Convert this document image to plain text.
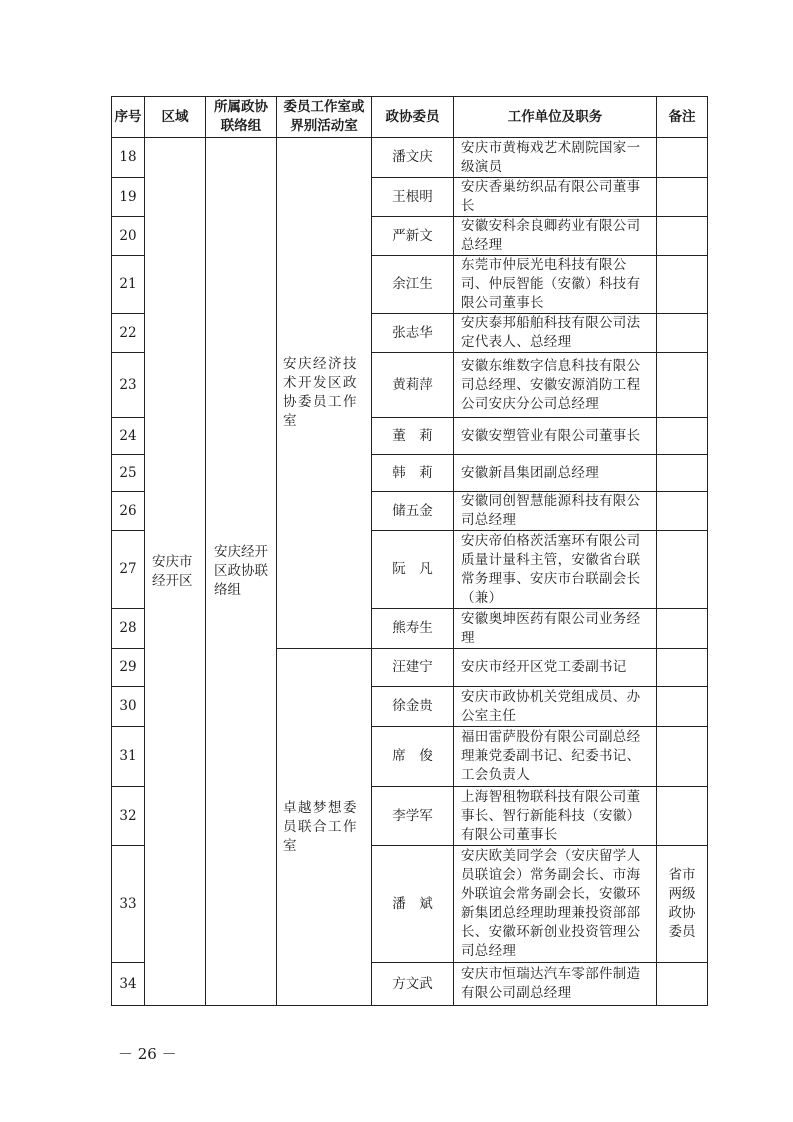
序号	区域	所属政协联络组	委员工作室或界别活动室	政协委员	工作单位及职务	备注
18	安庆市经开区	安庆经开区政协联络组	安庆经济技术开发区政协委员工作室	潘文庆	安庆市黄梅戏艺术剧院国家一级演员	
19				王根明	安庆香巢纺织品有限公司董事长	
20				严新文	安徽安科余良卿药业有限公司总经理	
21				余江生	东莞市仲辰光电科技有限公司、仲辰智能（安徽）科技有限公司董事长	
22				张志华	安庆泰邦船舶科技有限公司法定代表人、总经理	
23				黄莉萍	安徽东维数字信息科技有限公司总经理、安徽安源消防工程公司安庆分公司总经理	
24				董　莉	安徽安塑管业有限公司董事长	
25				韩　莉	安徽新昌集团副总经理	
26				储五金	安徽同创智慧能源科技有限公司总经理	
27				阮　凡	安庆帝伯格茨活塞环有限公司质量计量科主管，安徽省台联常务理事、安庆市台联副会长（兼）	
28				熊寿生	安徽奥坤医药有限公司业务经理	
29			卓越梦想委员联合工作室	汪建宁	安庆市经开区党工委副书记	
30				徐金贵	安庆市政协机关党组成员、办公室主任	
31				席　俊	福田雷萨股份有限公司副总经理兼党委副书记、纪委书记、工会负责人	
32				李学军	上海智租物联科技有限公司董事长、智行新能科技（安徽）有限公司董事长	
33				潘　斌	安庆欧美同学会（安庆留学人员联谊会）常务副会长、市海外联谊会常务副会长，安徽环新集团总经理助理兼投资部部长、安徽环新创业投资管理公司总经理	省市两级政协委员
34				方文武	安庆市恒瑞达汽车零部件制造有限公司副总经理	
－ 26 －
